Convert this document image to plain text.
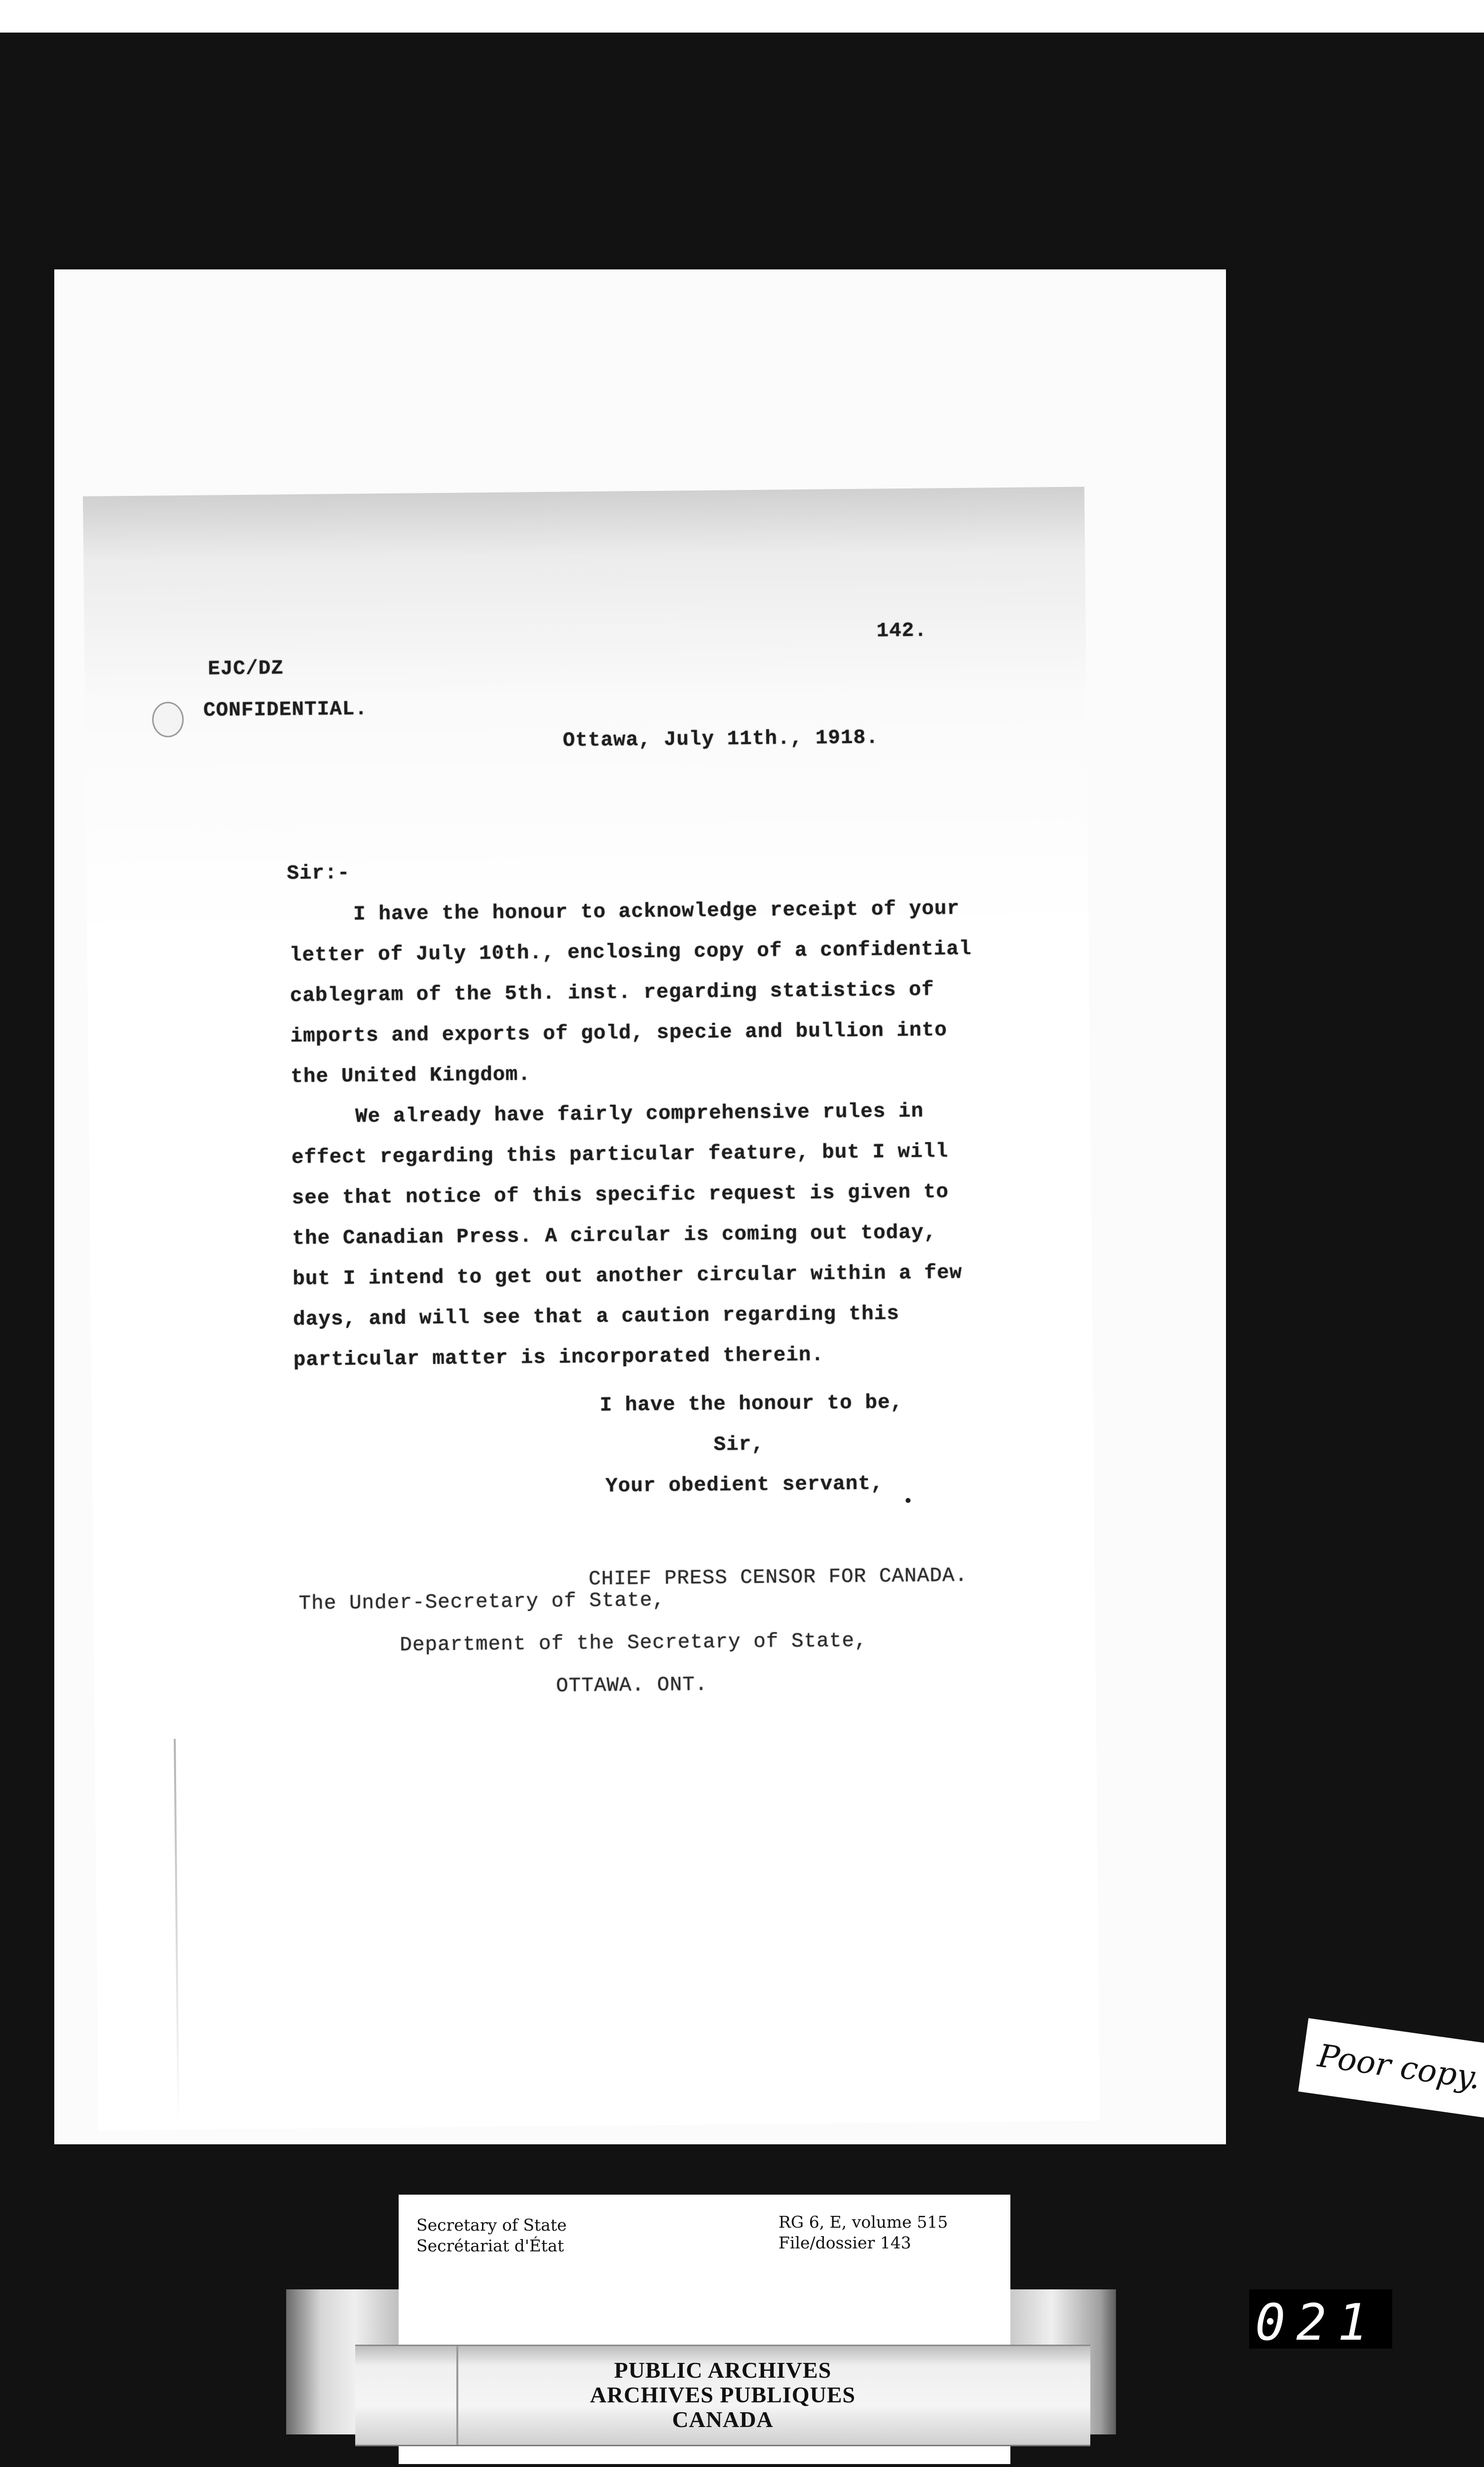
142.
EJC/DZ
CONFIDENTIAL.
Ottawa, July 11th., 1918.
Sir:-
I have the honour to acknowledge receipt of your
letter of July 10th., enclosing copy of a confidential
cablegram of the 5th. inst. regarding statistics of
imports and exports of gold, specie and bullion into
the United Kingdom.
We already have fairly comprehensive rules in
effect regarding this particular feature, but I will
see that notice of this specific request is given to
the Canadian Press. A circular is coming out today,
but I intend to get out another circular within a few
days, and will see that a caution regarding this
particular matter is incorporated therein.
I have the honour to be,
Sir,
Your obedient servant,
CHIEF PRESS CENSOR FOR CANADA.
The Under-Secretary of State,
Department of the Secretary of State,
OTTAWA. ONT.
Poor copy.
Secretary of State
Secrétariat d'État
RG 6, E, volume 515
File/dossier 143
PUBLIC ARCHIVES
ARCHIVES PUBLIQUES
CANADA
021
